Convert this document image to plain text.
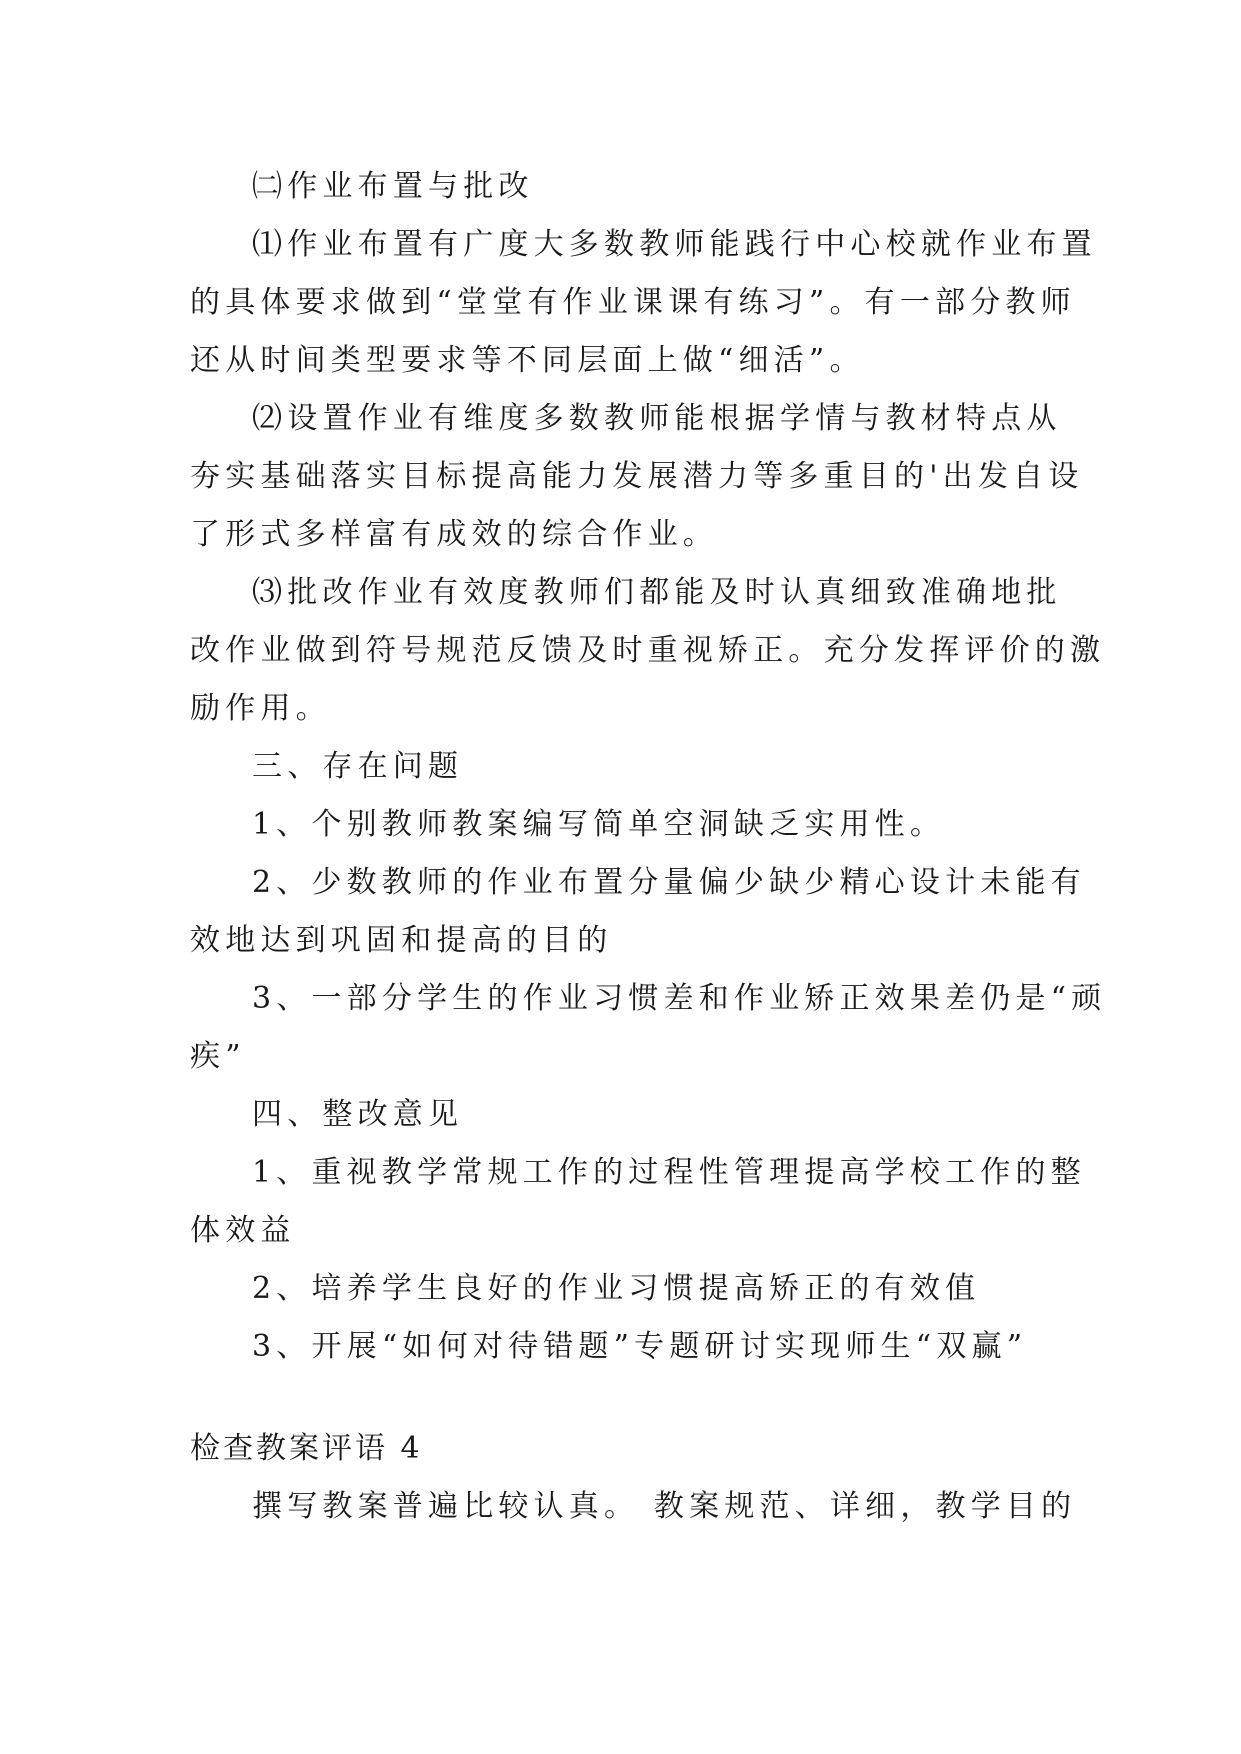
㈡作业布置与批改
⑴作业布置有广度大多数教师能践行中心校就作业布置
的具体要求做到“堂堂有作业课课有练习”。有一部分教师
还从时间类型要求等不同层面上做“细活”。
⑵设置作业有维度多数教师能根据学情与教材特点从
夯实基础落实目标提高能力发展潜力等多重目的'出发自设
了形式多样富有成效的综合作业。
⑶批改作业有效度教师们都能及时认真细致准确地批
改作业做到符号规范反馈及时重视矫正。充分发挥评价的激
励作用。
三、存在问题
1、个别教师教案编写简单空洞缺乏实用性。
2、少数教师的作业布置分量偏少缺少精心设计未能有
效地达到巩固和提高的目的
3、一部分学生的作业习惯差和作业矫正效果差仍是“顽
疾”
四、整改意见
1、重视教学常规工作的过程性管理提高学校工作的整
体效益
2、培养学生良好的作业习惯提高矫正的有效值
3、开展“如何对待错题”专题研讨实现师生“双赢”
检查教案评语 4
撰写教案普遍比较认真。 教案规范、详细，教学目的
